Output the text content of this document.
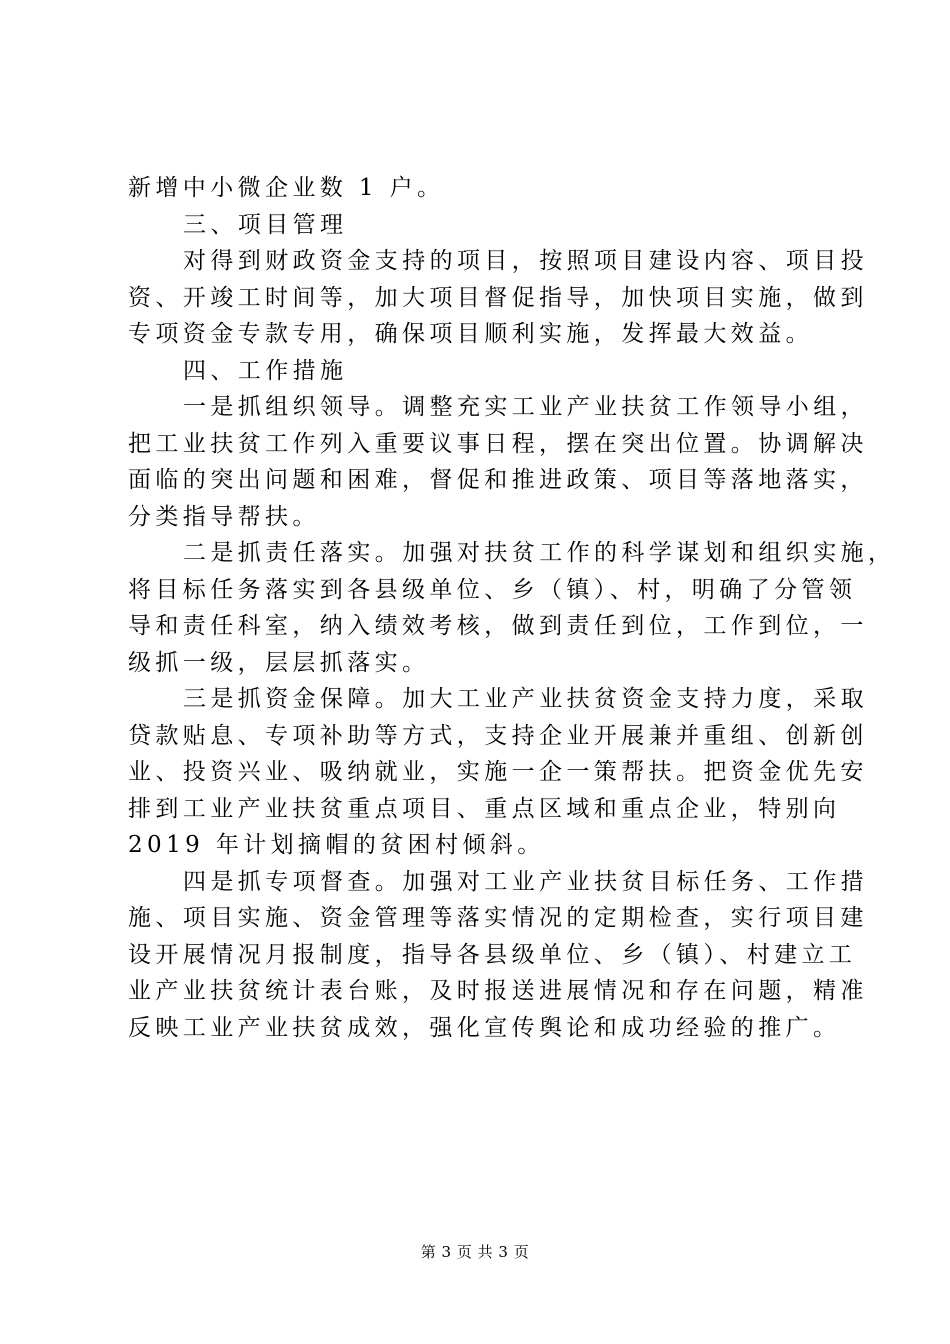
新增中小微企业数 1 户。
三、项目管理
对得到财政资金支持的项目，按照项目建设内容、项目投
资、开竣工时间等，加大项目督促指导，加快项目实施，做到
专项资金专款专用，确保项目顺利实施，发挥最大效益。
四、工作措施
一是抓组织领导。调整充实工业产业扶贫工作领导小组，
把工业扶贫工作列入重要议事日程，摆在突出位置。协调解决
面临的突出问题和困难，督促和推进政策、项目等落地落实，
分类指导帮扶。
二是抓责任落实。加强对扶贫工作的科学谋划和组织实施，
将目标任务落实到各县级单位、乡（镇）、村，明确了分管领
导和责任科室，纳入绩效考核，做到责任到位，工作到位，一
级抓一级，层层抓落实。
三是抓资金保障。加大工业产业扶贫资金支持力度，采取
贷款贴息、专项补助等方式，支持企业开展兼并重组、创新创
业、投资兴业、吸纳就业，实施一企一策帮扶。把资金优先安
排到工业产业扶贫重点项目、重点区域和重点企业，特别向
2019 年计划摘帽的贫困村倾斜。
四是抓专项督查。加强对工业产业扶贫目标任务、工作措
施、项目实施、资金管理等落实情况的定期检查，实行项目建
设开展情况月报制度，指导各县级单位、乡（镇）、村建立工
业产业扶贫统计表台账，及时报送进展情况和存在问题，精准
反映工业产业扶贫成效，强化宣传舆论和成功经验的推广。
第 3 页 共 3 页
